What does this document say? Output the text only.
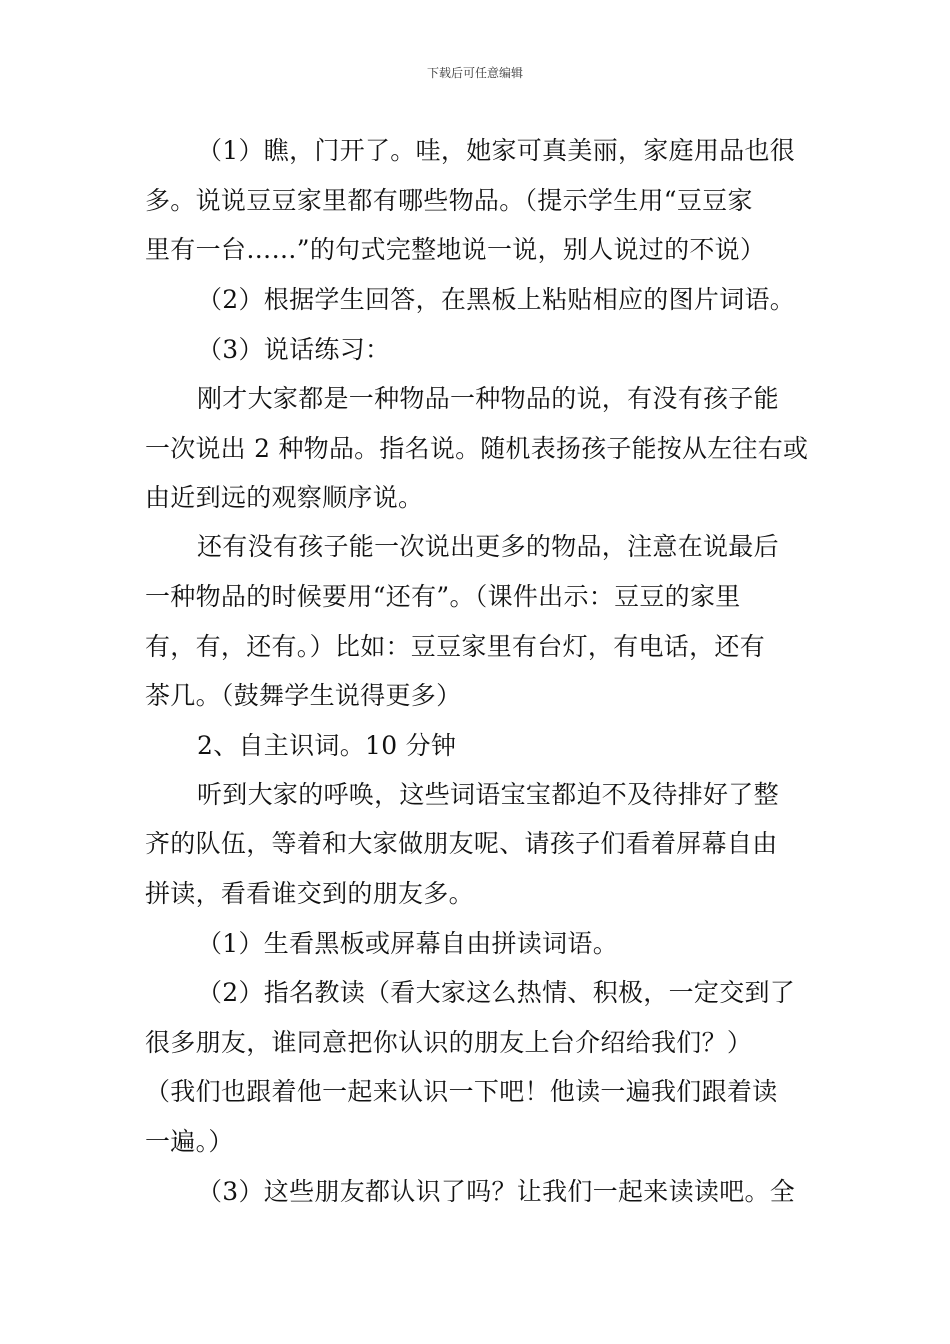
下载后可任意编辑
（1）瞧，门开了。哇，她家可真美丽，家庭用品也很
多。说说豆豆家里都有哪些物品。（提示学生用“豆豆家
里有一台……”的句式完整地说一说，别人说过的不说）
（2）根据学生回答，在黑板上粘贴相应的图片词语。
（3）说话练习：
刚才大家都是一种物品一种物品的说，有没有孩子能
一次说出 2 种物品。指名说。随机表扬孩子能按从左往右或
由近到远的观察顺序说。
还有没有孩子能一次说出更多的物品，注意在说最后
一种物品的时候要用“还有”。（课件出示：豆豆的家里
有，有，还有。）比如：豆豆家里有台灯，有电话，还有
茶几。（鼓舞学生说得更多）
2、自主识词。10 分钟
听到大家的呼唤，这些词语宝宝都迫不及待排好了整
齐的队伍，等着和大家做朋友呢、请孩子们看着屏幕自由
拼读，看看谁交到的朋友多。
（1）生看黑板或屏幕自由拼读词语。
（2）指名教读（看大家这么热情、积极，一定交到了
很多朋友，谁同意把你认识的朋友上台介绍给我们？）
（我们也跟着他一起来认识一下吧！他读一遍我们跟着读
一遍。）
（3）这些朋友都认识了吗？让我们一起来读读吧。全
